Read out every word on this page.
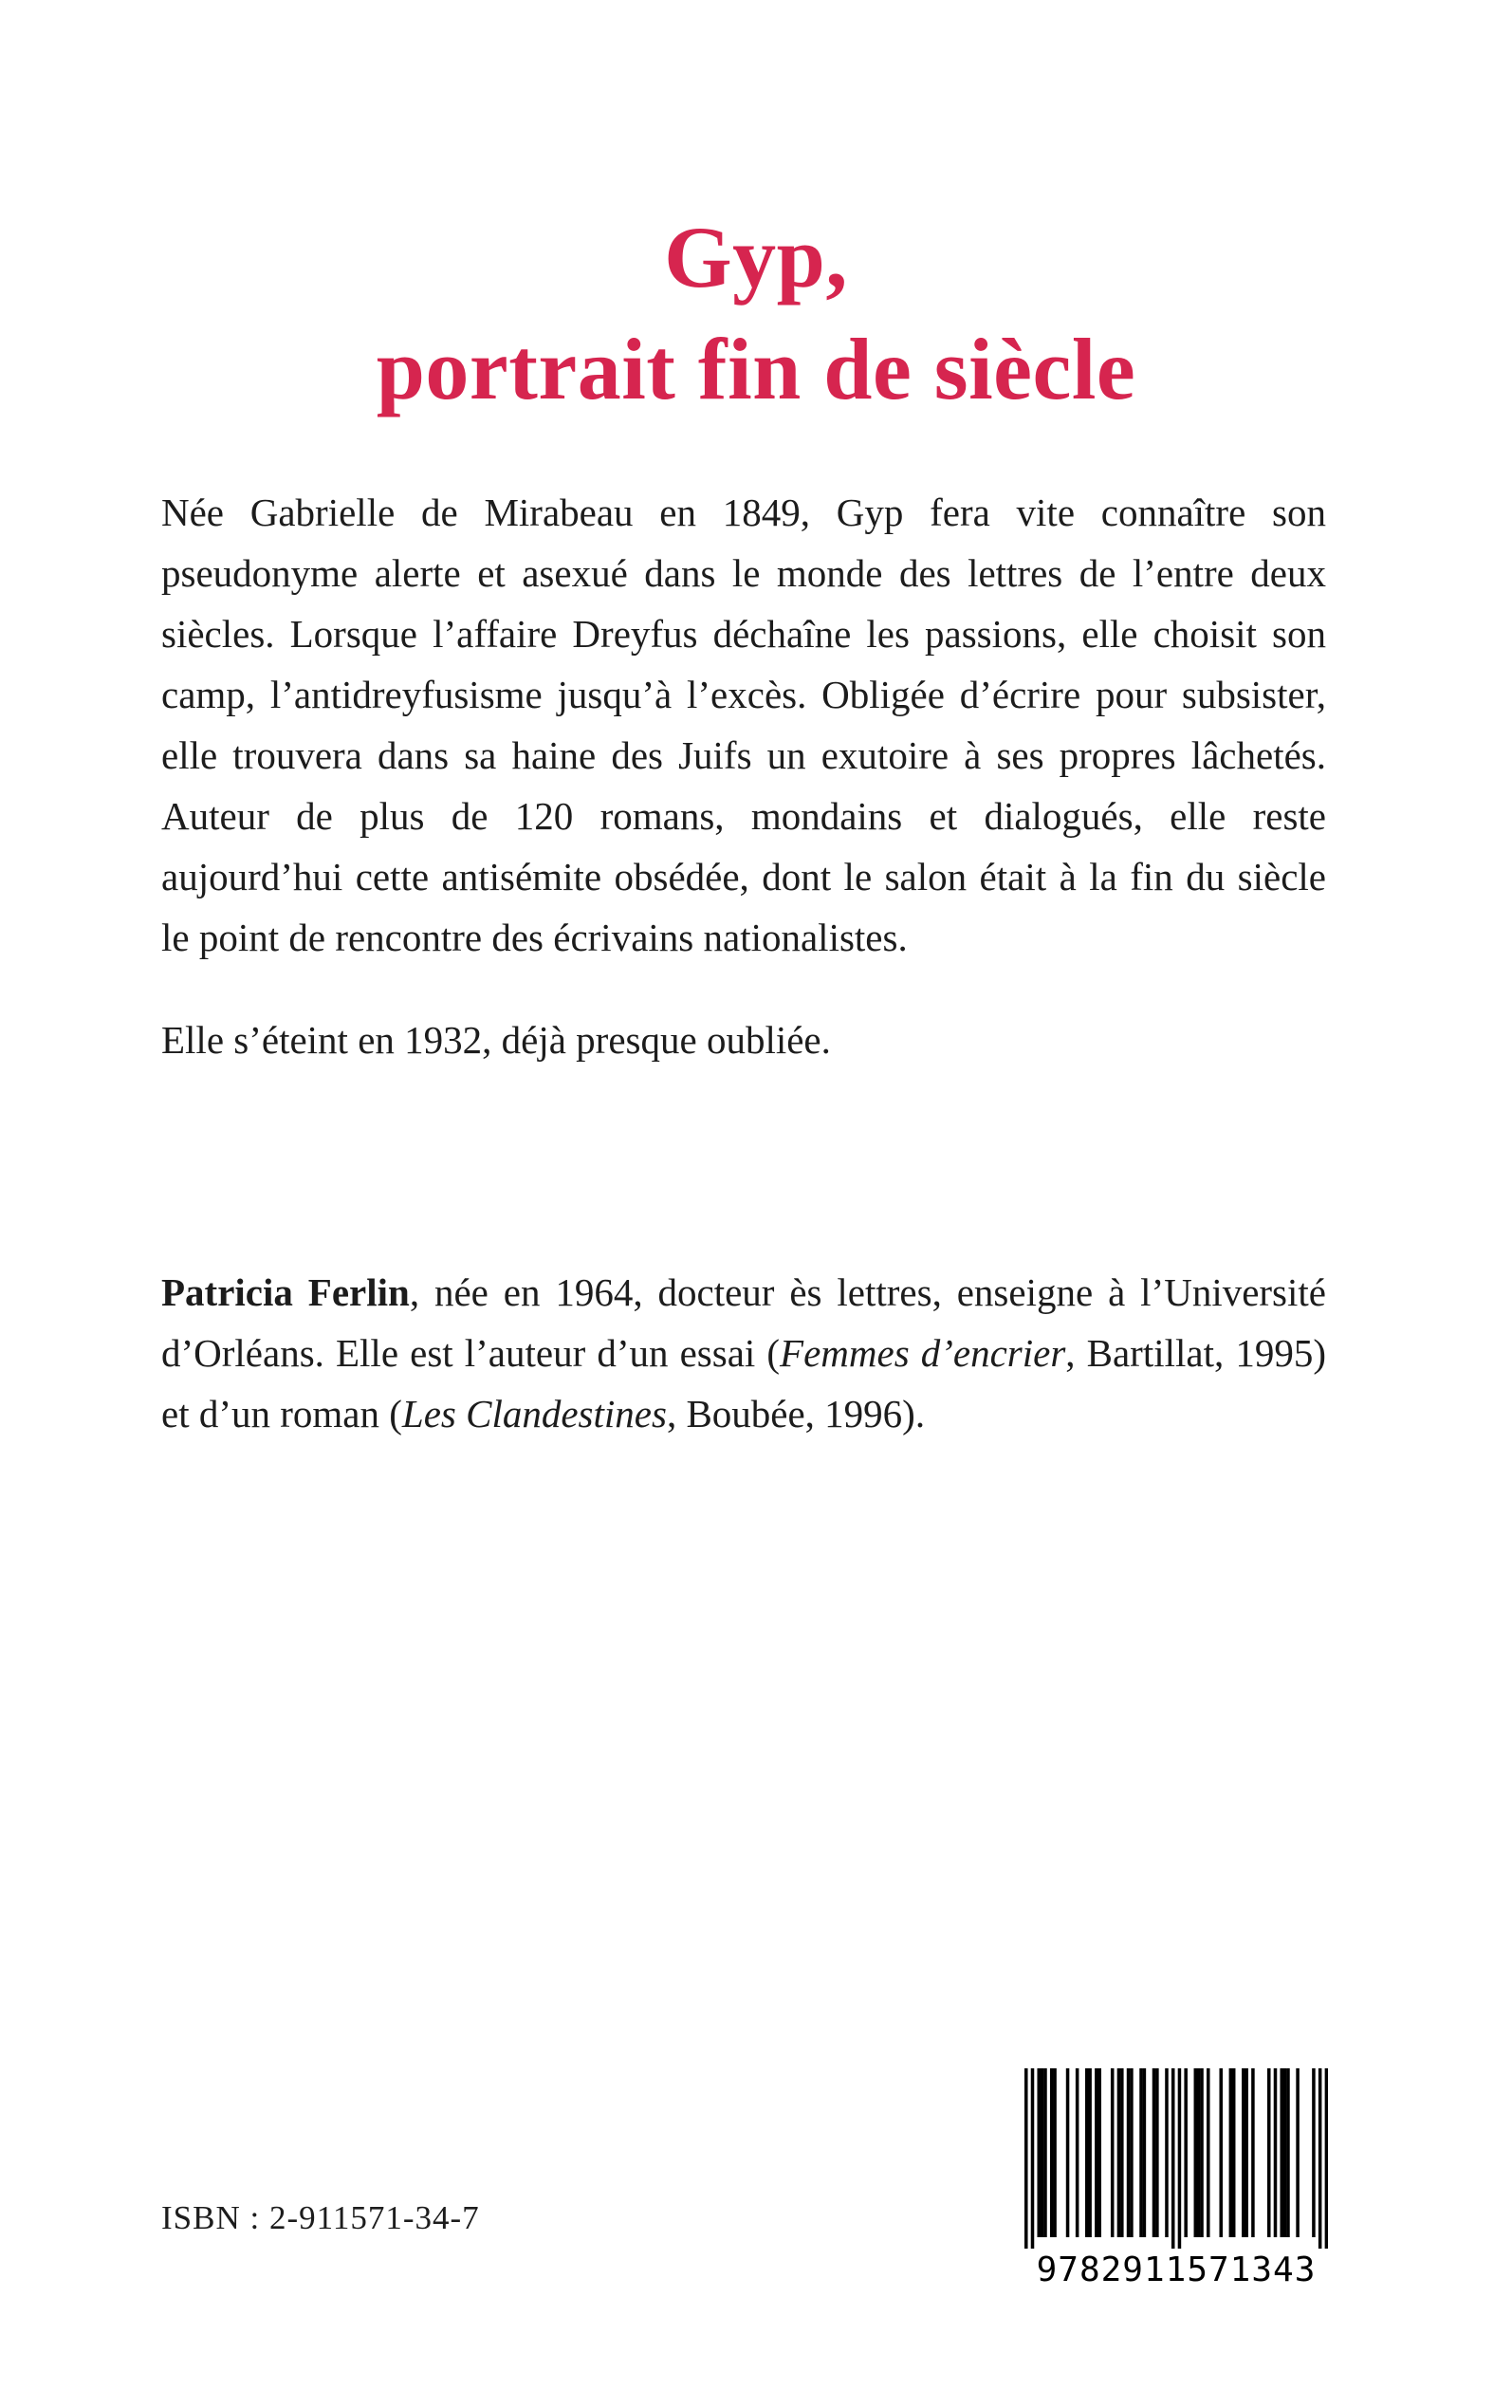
Gyp,
portrait fin de siècle

Née Gabrielle de Mirabeau en 1849, Gyp fera vite connaître son pseudonyme alerte et asexué dans le monde des lettres de l’entre deux siècles. Lorsque l’affaire Dreyfus déchaîne les passions, elle choisit son camp, l’antidreyfusisme jusqu’à l’excès. Obligée d’écrire pour subsister, elle trouvera dans sa haine des Juifs un exutoire à ses propres lâchetés. Auteur de plus de 120 romans, mondains et dialogués, elle reste aujourd’hui cette antisémite obsédée, dont le salon était à la fin du siècle le point de rencontre des écrivains nationalistes.

Elle s’éteint en 1932, déjà presque oubliée.

Patricia Ferlin, née en 1964, docteur ès lettres, enseigne à l’Université d’Orléans. Elle est l’auteur d’un essai (Femmes d’encrier, Bartillat, 1995) et d’un roman (Les Clandestines, Boubée, 1996).

ISBN : 2-911571-34-7
9782911571343
